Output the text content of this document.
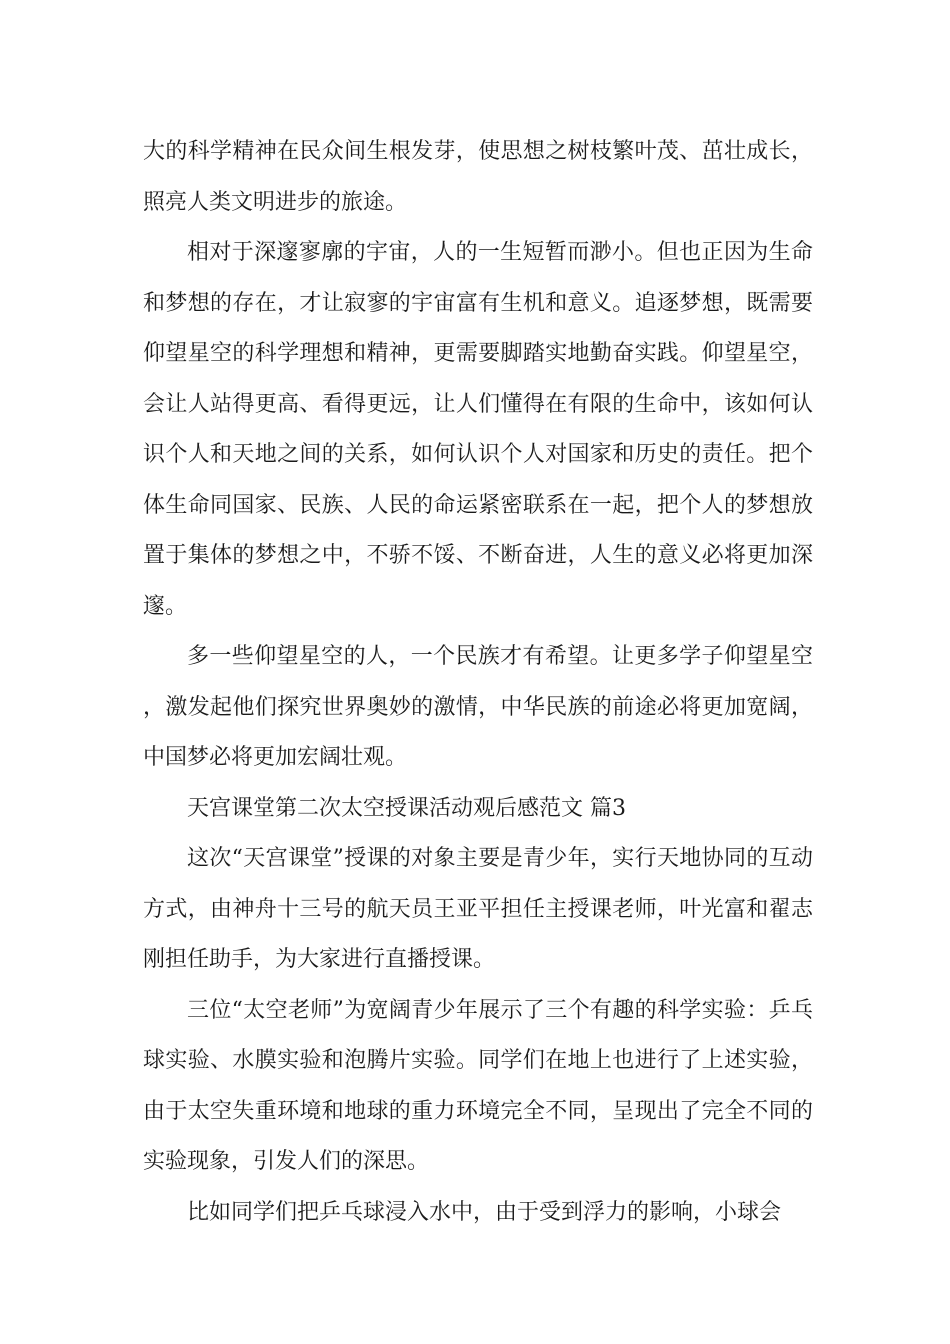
大的科学精神在民众间生根发芽，使思想之树枝繁叶茂、茁壮成长，照亮人类文明进步的旅途。

相对于深邃寥廓的宇宙，人的一生短暂而渺小。但也正因为生命和梦想的存在，才让寂寥的宇宙富有生机和意义。追逐梦想，既需要仰望星空的科学理想和精神，更需要脚踏实地勤奋实践。仰望星空，会让人站得更高、看得更远，让人们懂得在有限的生命中，该如何认识个人和天地之间的关系，如何认识个人对国家和历史的责任。把个体生命同国家、民族、人民的命运紧密联系在一起，把个人的梦想放置于集体的梦想之中，不骄不馁、不断奋进，人生的意义必将更加深邃。

多一些仰望星空的人，一个民族才有希望。让更多学子仰望星空，激发起他们探究世界奥妙的激情，中华民族的前途必将更加宽阔，中国梦必将更加宏阔壮观。

天宫课堂第二次太空授课活动观后感范文 篇3

这次“天宫课堂”授课的对象主要是青少年，实行天地协同的互动方式，由神舟十三号的航天员王亚平担任主授课老师，叶光富和翟志刚担任助手，为大家进行直播授课。

三位“太空老师”为宽阔青少年展示了三个有趣的科学实验：乒乓球实验、水膜实验和泡腾片实验。同学们在地上也进行了上述实验，由于太空失重环境和地球的重力环境完全不同，呈现出了完全不同的实验现象，引发人们的深思。

比如同学们把乒乓球浸入水中，由于受到浮力的影响，小球会
